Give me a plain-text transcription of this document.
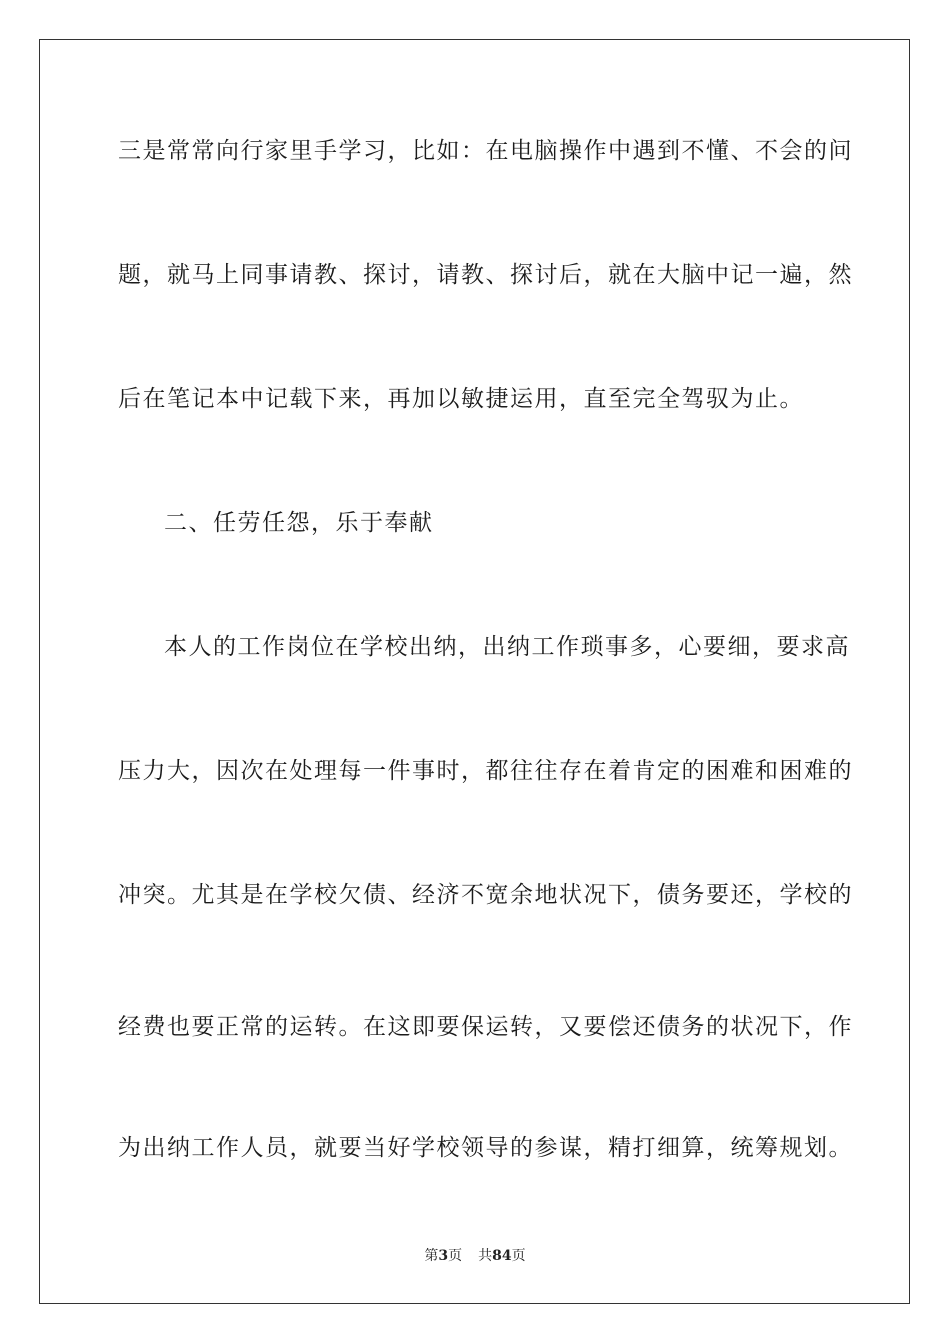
三是常常向行家里手学习，比如：在电脑操作中遇到不懂、不会的问
题，就马上同事请教、探讨，请教、探讨后，就在大脑中记一遍，然
后在笔记本中记载下来，再加以敏捷运用，直至完全驾驭为止。
二、任劳任怨，乐于奉献
本人的工作岗位在学校出纳，出纳工作琐事多，心要细，要求高
压力大，因次在处理每一件事时，都往往存在着肯定的困难和困难的
冲突。尤其是在学校欠债、经济不宽余地状况下，债务要还，学校的
经费也要正常的运转。在这即要保运转，又要偿还债务的状况下，作
为出纳工作人员，就要当好学校领导的参谋，精打细算，统筹规划。
第3页 共84页
